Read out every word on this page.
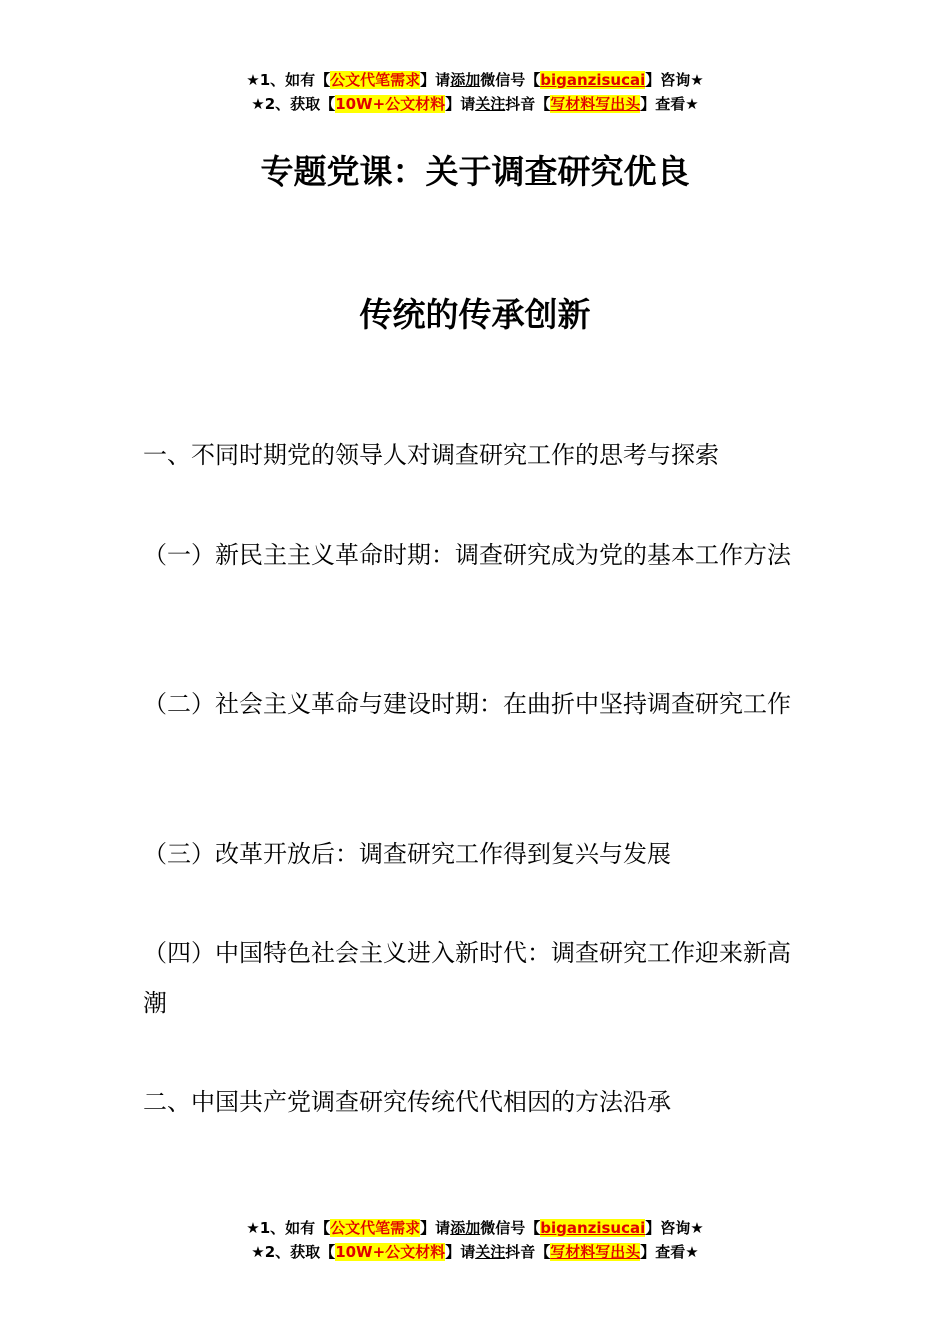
★1、如有【公文代笔需求】请添加微信号【biganzisucai】咨询★
★2、获取【10W+公文材料】请关注抖音【写材料写出头】查看★
专题党课：关于调查研究优良
传统的传承创新
一、不同时期党的领导人对调查研究工作的思考与探索
（一）新民主主义革命时期：调查研究成为党的基本工作方法
（二）社会主义革命与建设时期：在曲折中坚持调查研究工作
（三）改革开放后：调查研究工作得到复兴与发展
（四）中国特色社会主义进入新时代：调查研究工作迎来新高潮
二、中国共产党调查研究传统代代相因的方法沿承
★1、如有【公文代笔需求】请添加微信号【biganzisucai】咨询★
★2、获取【10W+公文材料】请关注抖音【写材料写出头】查看★
